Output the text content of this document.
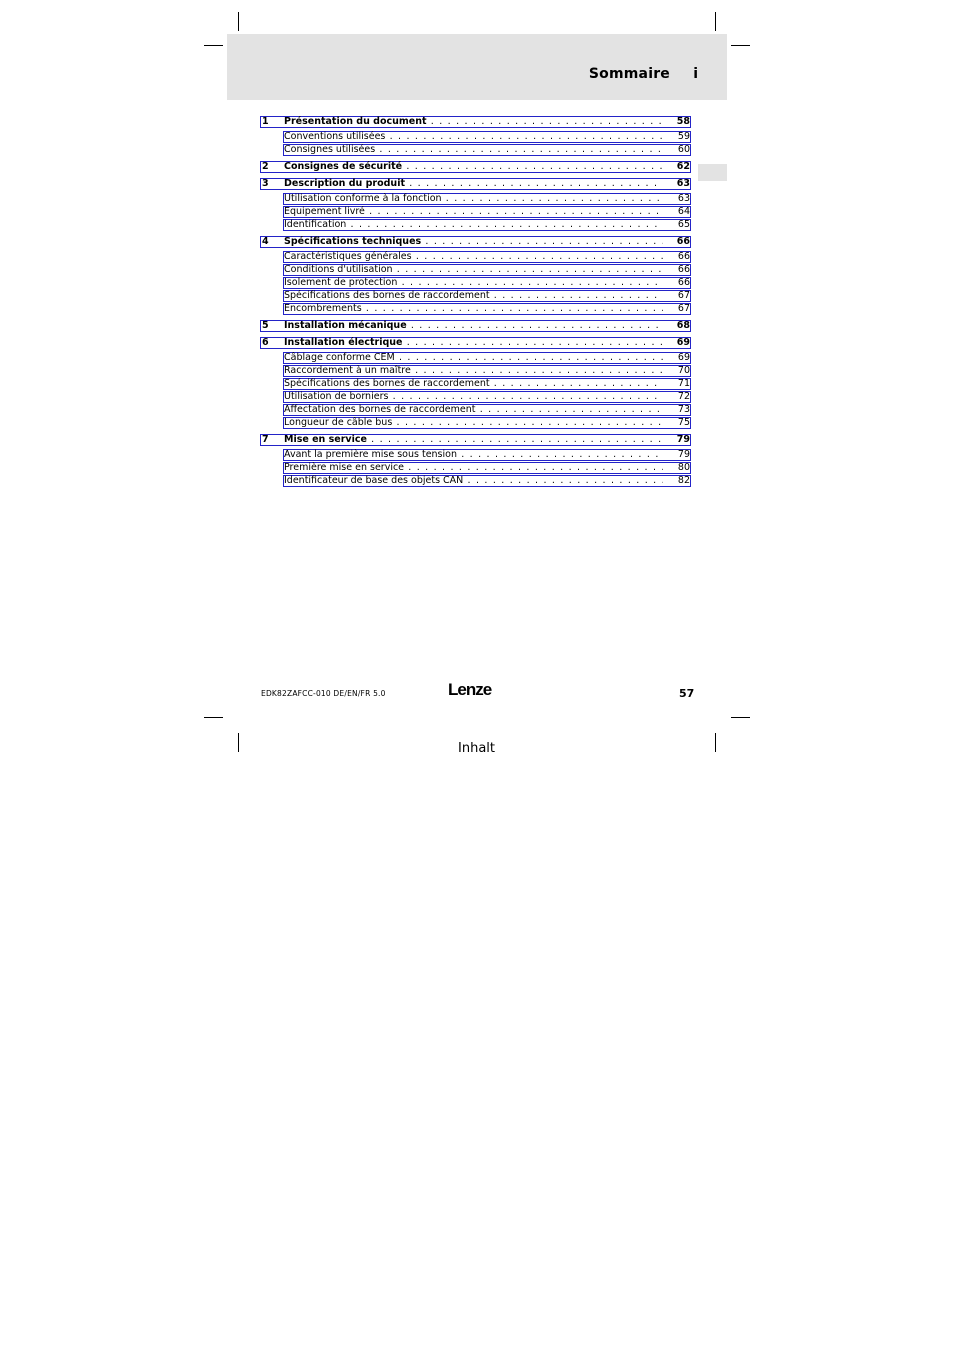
Sommaire i
1 Présentation du document . . .	58
Conventions utilisées . . .	59
Consignes utilisées . . .	60
2 Consignes de sécurité . . .	62
3 Description du produit . . .	63
Utilisation conforme à la fonction . . .	63
Equipement livré . . .	64
Identification . . .	65
4 Spécifications techniques . . .	66
Caractéristiques générales . . .	66
Conditions d'utilisation . . .	66
Isolement de protection . . .	66
Spécifications des bornes de raccordement . . .	67
Encombrements . . .	67
5 Installation mécanique . . .	68
6 Installation électrique . . .	69
Câblage conforme CEM . . .	69
Raccordement à un maître . . .	70
Spécifications des bornes de raccordement . . .	71
Utilisation de borniers . . .	72
Affectation des bornes de raccordement . . .	73
Longueur de câble bus . . .	75
7 Mise en service . . .	79
Avant la première mise sous tension . . .	79
Première mise en service . . .	80
Identificateur de base des objets CAN . . .	82
EDK82ZAFCC-010 DE/EN/FR 5.0	Lenze	57
Inhalt
